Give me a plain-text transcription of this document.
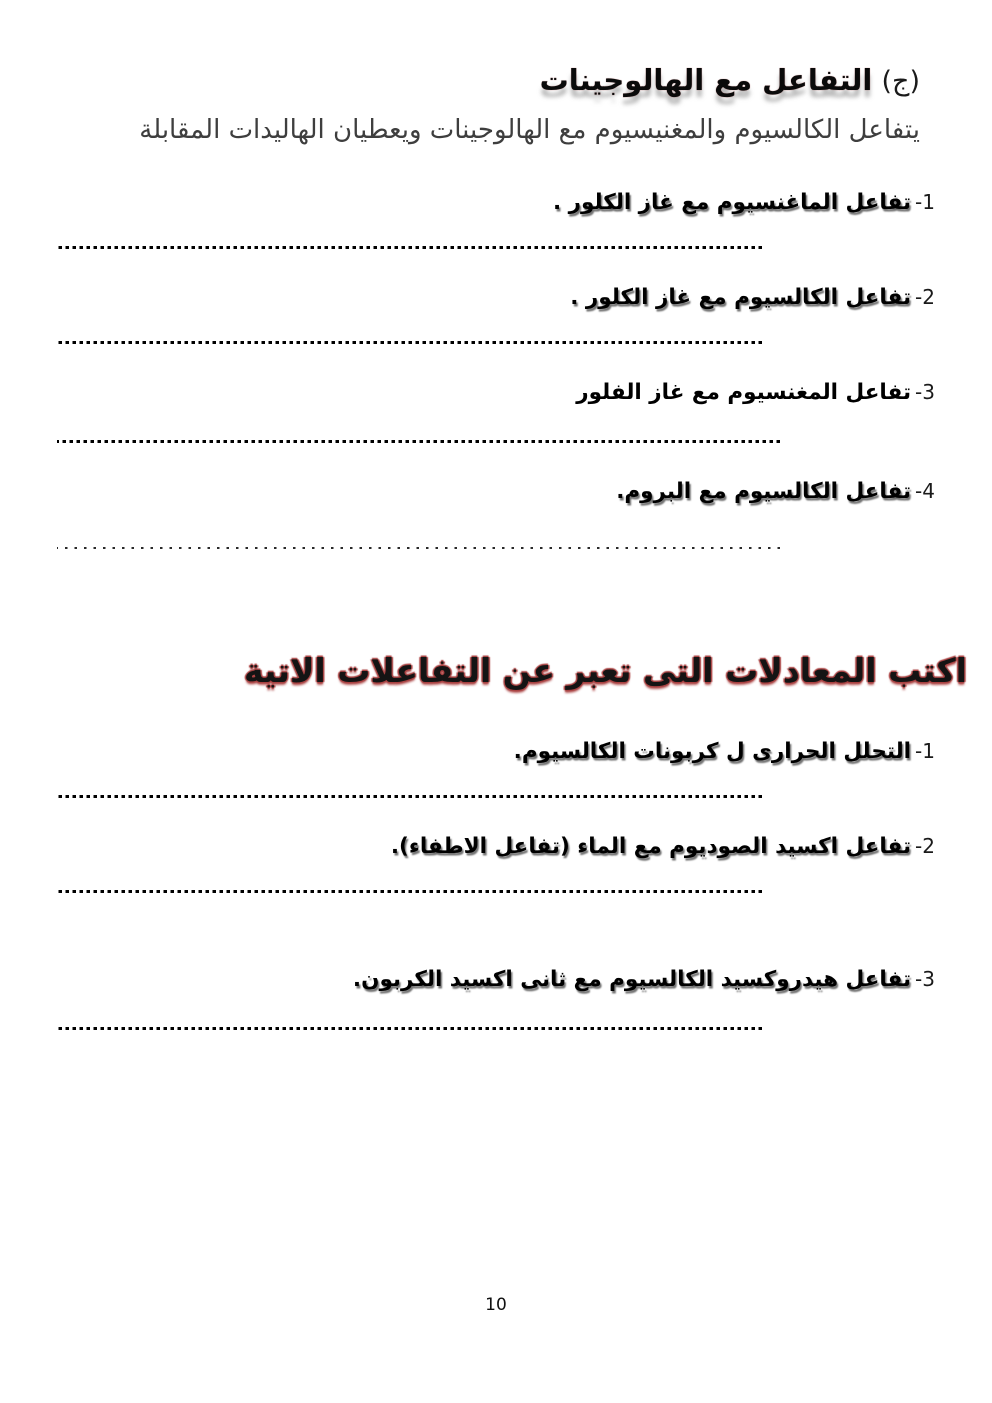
(ج) التفاعل مع الهالوجينات
يتفاعل الكالسيوم والمغنيسيوم مع الهالوجينات ويعطيان الهاليدات المقابلة
1-تفاعل الماغنسيوم مع غاز الكلور .
2-تفاعل الكالسيوم مع غاز الكلور .
3-تفاعل المغنسيوم مع غاز الفلور
4-تفاعل الكالسيوم مع البروم.
اكتب المعادلات التى تعبر عن التفاعلات الاتية
1-التحلل الحرارى ل كربونات الكالسيوم.
2-تفاعل اكسيد الصوديوم مع الماء (تفاعل الاطفاء).
3-تفاعل هيدروكسيد الكالسيوم مع ثانى اكسيد الكربون.
10
